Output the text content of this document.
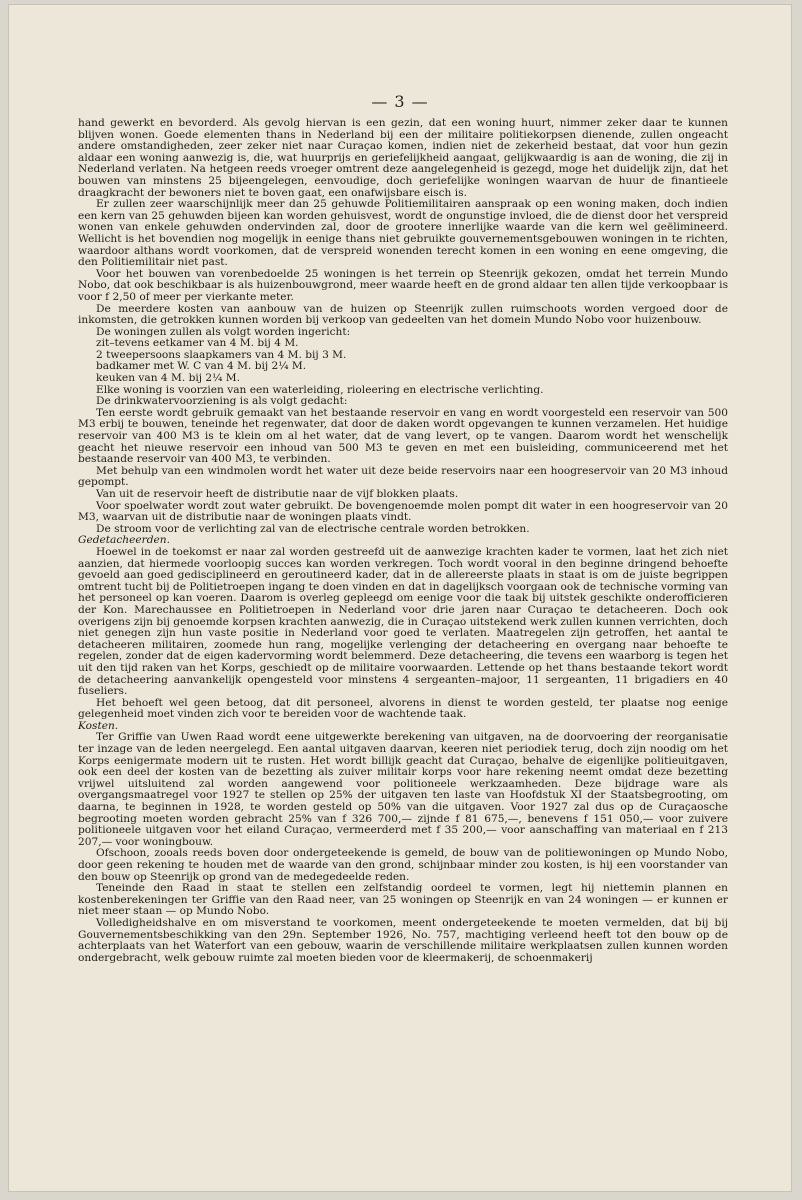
— 3 —

hand gewerkt en bevorderd. Als gevolg hiervan is een gezin, dat een woning huurt, nimmer zeker daar te kunnen blijven wonen. Goede elementen thans in Nederland bij een der militaire politiekorpsen dienende, zullen ongeacht andere omstandigheden, zeer zeker niet naar Curaçao komen, indien niet de zekerheid bestaat, dat voor hun gezin aldaar een woning aanwezig is, die, wat huurprijs en geriefelijkheid aangaat, gelijkwaardig is aan de woning, die zij in Nederland verlaten. Na hetgeen reeds vroeger omtrent deze aangelegenheid is gezegd, moge het duidelijk zijn, dat het bouwen van minstens 25 bijeengelegen, eenvoudige, doch geriefelijke woningen waarvan de huur de finantieele draagkracht der bewoners niet te boven gaat, een onafwijsbare eisch is.

Er zullen zeer waarschijnlijk meer dan 25 gehuwde Politiemilitairen aanspraak op een woning maken, doch indien een kern van 25 gehuwden bijeen kan worden gehuisvest, wordt de ongunstige invloed, die de dienst door het verspreid wonen van enkele gehuwden ondervinden zal, door de grootere innerlijke waarde van die kern wel geëlimineerd. Wellicht is het bovendien nog mogelijk in eenige thans niet gebruikte gouvernementsgebouwen woningen in te richten, waardoor althans wordt voorkomen, dat de verspreid wonenden terecht komen in een woning en eene omgeving, die den Politiemilitair niet past.

Voor het bouwen van vorenbedoelde 25 woningen is het terrein op Steenrijk gekozen, omdat het terrein Mundo Nobo, dat ook beschikbaar is als huizenbouwgrond, meer waarde heeft en de grond aldaar ten allen tijde verkoopbaar is voor f 2,50 of meer per vierkante meter.

De meerdere kosten van aanbouw van de huizen op Steenrijk zullen ruimschoots worden vergoed door de inkomsten, die getrokken kunnen worden bij verkoop van gedeelten van het domein Mundo Nobo voor huizenbouw.

De woningen zullen als volgt worden ingericht:

zit–tevens eetkamer van 4 M. bij 4 M.

2 tweepersoons slaapkamers van 4 M. bij 3 M.

badkamer met W. C van 4 M. bij 2¼ M.

keuken van 4 M. bij 2¼ M.

Elke woning is voorzien van een waterleiding, rioleering en electrische verlichting.

De drinkwatervoorziening is als volgt gedacht:

Ten eerste wordt gebruik gemaakt van het bestaande reservoir en vang en wordt voorgesteld een reservoir van 500 M3 erbij te bouwen, teneinde het regenwater, dat door de daken wordt opgevangen te kunnen verzamelen. Het huidige reservoir van 400 M3 is te klein om al het water, dat de vang levert, op te vangen. Daarom wordt het wenschelijk geacht het nieuwe reservoir een inhoud van 500 M3 te geven en met een buisleiding, communiceerend met het bestaande reservoir van 400 M3, te verbinden.

Met behulp van een windmolen wordt het water uit deze beide reservoirs naar een hoogreservoir van 20 M3 inhoud gepompt.

Van uit de reservoir heeft de distributie naar de vijf blokken plaats.

Voor spoelwater wordt zout water gebruikt. De bovengenoemde molen pompt dit water in een hoogreservoir van 20 M3, waarvan uit de distributie naar de woningen plaats vindt.

De stroom voor de verlichting zal van de electrische centrale worden betrokken.

Gedetacheerden.

Hoewel in de toekomst er naar zal worden gestreefd uit de aanwezige krachten kader te vormen, laat het zich niet aanzien, dat hiermede voorloopig succes kan worden verkregen. Toch wordt vooral in den beginne dringend behoefte gevoeld aan goed gedisciplineerd en geroutineerd kader, dat in de allereerste plaats in staat is om de juiste begrippen omtrent tucht bij de Politietroepen ingang te doen vinden en dat in dagelijksch voorgaan ook de technische vorming van het personeel op kan voeren. Daarom is overleg gepleegd om eenige voor die taak bij uitstek geschikte onderofficieren der Kon. Marechaussee en Politietroepen in Nederland voor drie jaren naar Curaçao te detacheeren. Doch ook overigens zijn bij genoemde korpsen krachten aanwezig, die in Curaçao uitstekend werk zullen kunnen verrichten, doch niet genegen zijn hun vaste positie in Nederland voor goed te verlaten. Maatregelen zijn getroffen, het aantal te detacheeren militairen, zoomede hun rang, mogelijke verlenging der detacheering en overgang naar behoefte te regelen, zonder dat de eigen kadervorming wordt belemmerd. Deze detacheering, die tevens een waarborg is tegen het uit den tijd raken van het Korps, geschiedt op de militaire voorwaarden. Lettende op het thans bestaande tekort wordt de detacheering aanvankelijk opengesteld voor minstens 4 sergeanten–majoor, 11 sergeanten, 11 brigadiers en 40 fuseliers.

Het behoeft wel geen betoog, dat dit personeel, alvorens in dienst te worden gesteld, ter plaatse nog eenige gelegenheid moet vinden zich voor te bereiden voor de wachtende taak.

Kosten.

Ter Griffie van Uwen Raad wordt eene uitgewerkte berekening van uitgaven, na de doorvoering der reorganisatie ter inzage van de leden neergelegd. Een aantal uitgaven daarvan, keeren niet periodiek terug, doch zijn noodig om het Korps eenigermate modern uit te rusten. Het wordt billijk geacht dat Curaçao, behalve de eigenlijke politieuitgaven, ook een deel der kosten van de bezetting als zuiver militair korps voor hare rekening neemt omdat deze bezetting vrijwel uitsluitend zal worden aangewend voor politioneele werkzaamheden. Deze bijdrage ware als overgangsmaatregel voor 1927 te stellen op 25% der uitgaven ten laste van Hoofdstuk XI der Staatsbegrooting, om daarna, te beginnen in 1928, te worden gesteld op 50% van die uitgaven. Voor 1927 zal dus op de Curaçaosche begrooting moeten worden gebracht 25% van f 326 700,— zijnde f 81 675,—, benevens f 151 050,— voor zuivere politioneele uitgaven voor het eiland Curaçao, vermeerderd met f 35 200,— voor aanschaffing van materiaal en f 213 207,— voor woningbouw.

Ofschoon, zooals reeds boven door ondergeteekende is gemeld, de bouw van de politiewoningen op Mundo Nobo, door geen rekening te houden met de waarde van den grond, schijnbaar minder zou kosten, is hij een voorstander van den bouw op Steenrijk op grond van de medegedeelde reden.

Teneinde den Raad in staat te stellen een zelfstandig oordeel te vormen, legt hij niettemin plannen en kostenberekeningen ter Griffie van den Raad neer, van 25 woningen op Steenrijk en van 24 woningen — er kunnen er niet meer staan — op Mundo Nobo.

Volledigheidshalve en om misverstand te voorkomen, meent ondergeteekende te moeten vermelden, dat bij bij Gouvernementsbeschikking van den 29n. September 1926, No. 757, machtiging verleend heeft tot den bouw op de achterplaats van het Waterfort van een gebouw, waarin de verschillende militaire werkplaatsen zullen kunnen worden ondergebracht, welk gebouw ruimte zal moeten bieden voor de kleermakerij, de schoenmakerij
